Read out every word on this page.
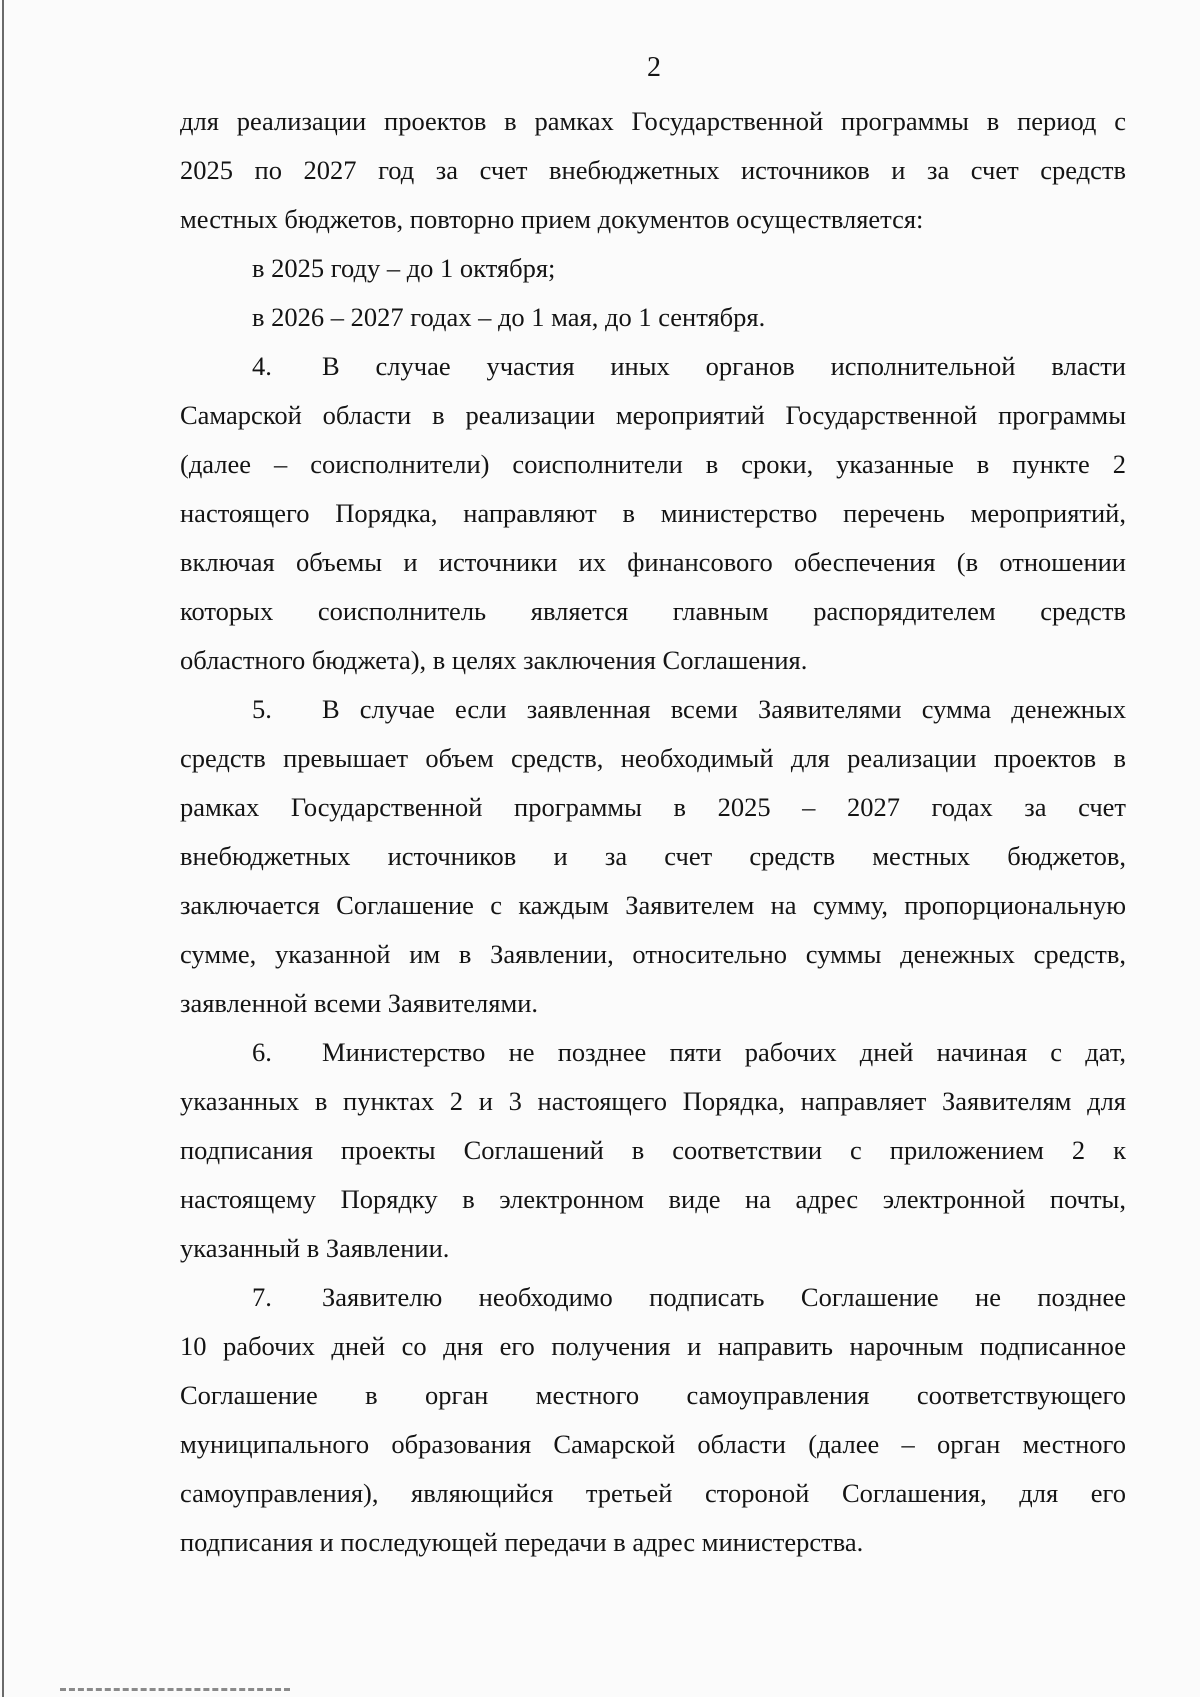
2
для реализации проектов в рамках Государственной программы в период с
2025 по 2027 год за счет внебюджетных источников и за счет средств
местных бюджетов, повторно прием документов осуществляется:
в 2025 году – до 1 октября;
в 2026 – 2027 годах – до 1 мая, до 1 сентября.
4.	В случае участия иных органов исполнительной власти
Самарской области в реализации мероприятий Государственной программы
(далее – соисполнители) соисполнители в сроки, указанные в пункте 2
настоящего Порядка, направляют в министерство перечень мероприятий,
включая объемы и источники их финансового обеспечения (в отношении
которых соисполнитель является главным распорядителем средств
областного бюджета), в целях заключения Соглашения.
5.	В случае если заявленная всеми Заявителями сумма денежных
средств превышает объем средств, необходимый для реализации проектов в
рамках Государственной программы в 2025 – 2027 годах за счет
внебюджетных источников и за счет средств местных бюджетов,
заключается Соглашение с каждым Заявителем на сумму, пропорциональную
сумме, указанной им в Заявлении, относительно суммы денежных средств,
заявленной всеми Заявителями.
6.	Министерство не позднее пяти рабочих дней начиная с дат,
указанных в пунктах 2 и 3 настоящего Порядка, направляет Заявителям для
подписания проекты Соглашений в соответствии с приложением 2 к
настоящему Порядку в электронном виде на адрес электронной почты,
указанный в Заявлении.
7.	Заявителю необходимо подписать Соглашение не позднее
10 рабочих дней со дня его получения и направить нарочным подписанное
Соглашение в орган местного самоуправления соответствующего
муниципального образования Самарской области (далее – орган местного
самоуправления), являющийся третьей стороной Соглашения, для его
подписания и последующей передачи в адрес министерства.
